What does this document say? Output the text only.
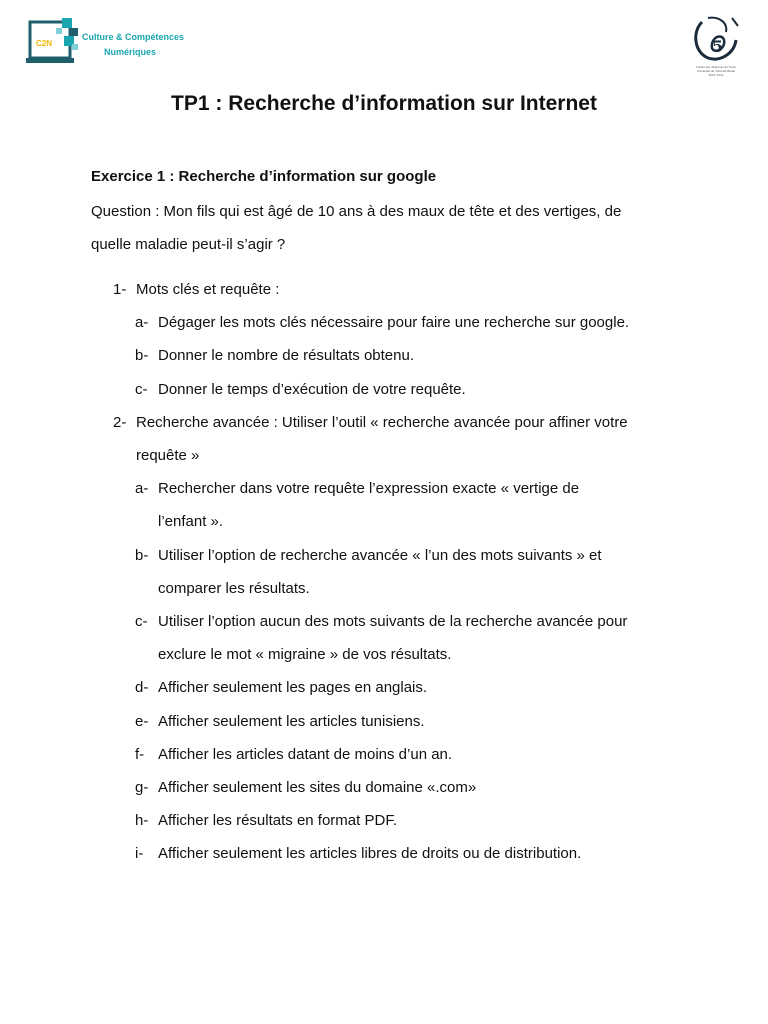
C2N
Culture & Compétences
Numériques	5
Institut des Sciences du Tunis
Université de Tunis El Manar
ISSS Tunis
TP1 : Recherche d’information sur Internet
Exercice 1 : Recherche d’information sur google
Question : Mon fils qui est âgé de 10 ans à des maux de tête et des vertiges, de
quelle maladie peut-il s’agir ?
1- Mots clés et requête :
a- Dégager les mots clés nécessaire pour faire une recherche sur google.
b- Donner le nombre de résultats obtenu.
c- Donner le temps d’exécution de votre requête.
2- Recherche avancée : Utiliser l’outil « recherche avancée pour affiner votre
requête »
a- Rechercher dans votre requête l’expression exacte « vertige de
l’enfant ».
b- Utiliser l’option de recherche avancée « l’un des mots suivants » et
comparer les résultats.
c- Utiliser l’option aucun des mots suivants de la recherche avancée pour
exclure le mot « migraine » de vos résultats.
d- Afficher seulement les pages en anglais.
e- Afficher seulement les articles tunisiens.
f- Afficher les articles datant de moins d’un an.
g- Afficher seulement les sites du domaine «.com»
h- Afficher les résultats en format PDF.
i- Afficher seulement les articles libres de droits ou de distribution.
